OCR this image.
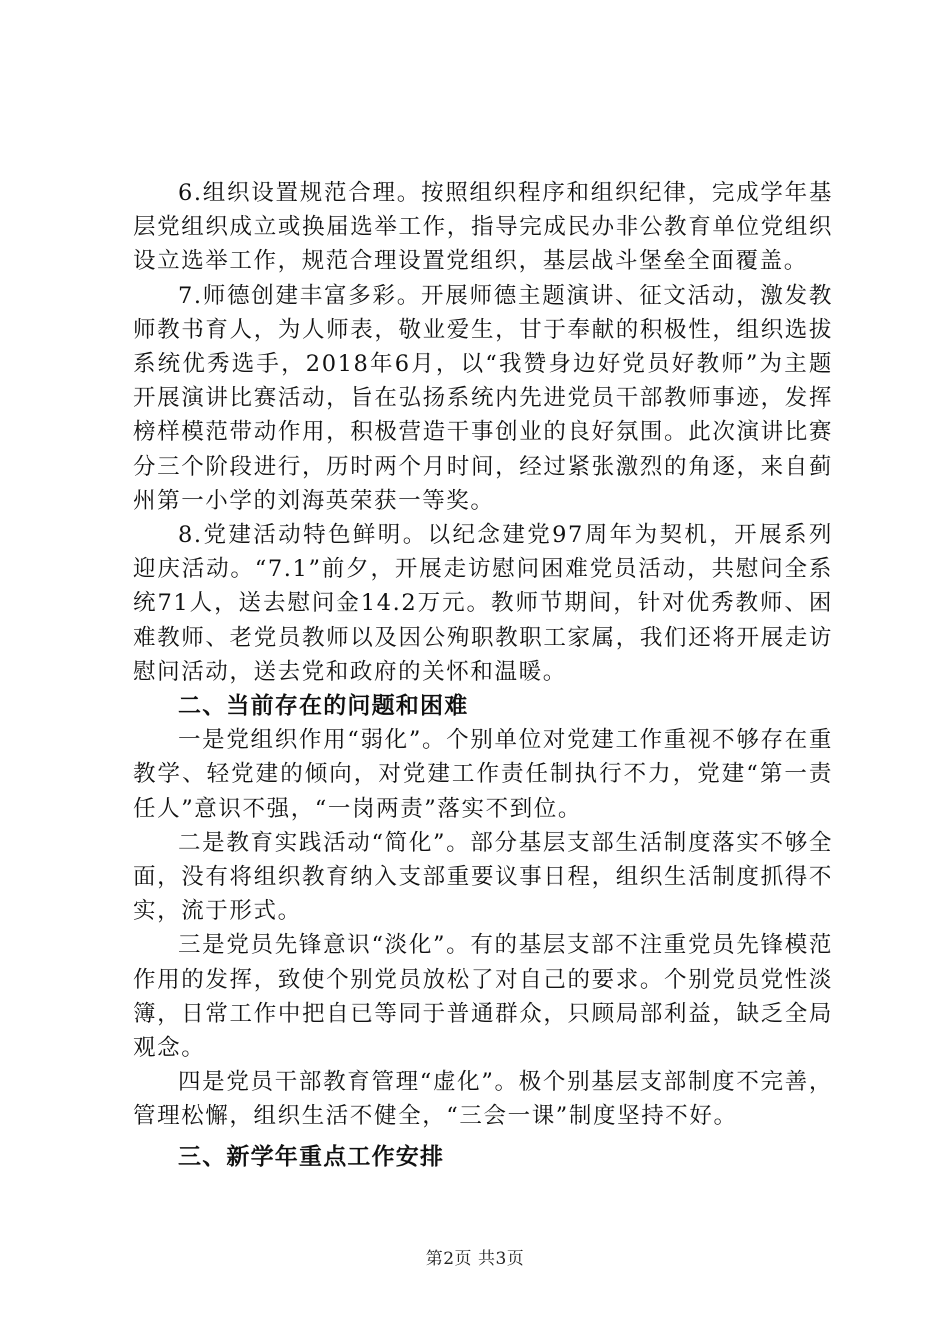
6.组织设置规范合理。按照组织程序和组织纪律，完成学年基层党组织成立或换届选举工作，指导完成民办非公教育单位党组织设立选举工作，规范合理设置党组织，基层战斗堡垒全面覆盖。

7.师德创建丰富多彩。开展师德主题演讲、征文活动，激发教师教书育人，为人师表，敬业爱生，甘于奉献的积极性，组织选拔系统优秀选手，2018年6月，以“我赞身边好党员好教师”为主题开展演讲比赛活动，旨在弘扬系统内先进党员干部教师事迹，发挥榜样模范带动作用，积极营造干事创业的良好氛围。此次演讲比赛分三个阶段进行，历时两个月时间，经过紧张激烈的角逐，来自蓟州第一小学的刘海英荣获一等奖。

8.党建活动特色鲜明。以纪念建党97周年为契机，开展系列迎庆活动。“7.1”前夕，开展走访慰问困难党员活动，共慰问全系统71人，送去慰问金14.2万元。教师节期间，针对优秀教师、困难教师、老党员教师以及因公殉职教职工家属，我们还将开展走访慰问活动，送去党和政府的关怀和温暖。

二、当前存在的问题和困难

一是党组织作用“弱化”。个别单位对党建工作重视不够存在重教学、轻党建的倾向，对党建工作责任制执行不力，党建“第一责任人”意识不强，“一岗两责”落实不到位。

二是教育实践活动“简化”。部分基层支部生活制度落实不够全面，没有将组织教育纳入支部重要议事日程，组织生活制度抓得不实，流于形式。

三是党员先锋意识“淡化”。有的基层支部不注重党员先锋模范作用的发挥，致使个别党员放松了对自己的要求。个别党员党性淡簿，日常工作中把自已等同于普通群众，只顾局部利益，缺乏全局观念。

四是党员干部教育管理“虚化”。极个别基层支部制度不完善，管理松懈，组织生活不健全，“三会一课”制度坚持不好。

三、新学年重点工作安排

第2页 共3页
